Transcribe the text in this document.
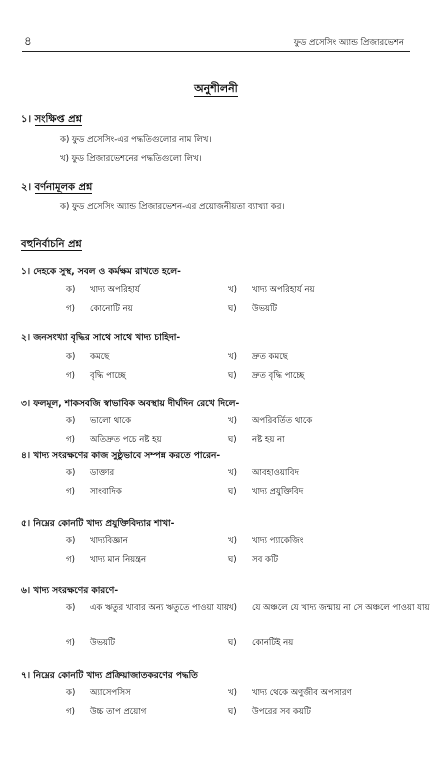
৪	ফুড প্রসেসিং অ্যান্ড প্রিজারভেশন
অনুশীলনী
১। সংক্ষিপ্ত প্রশ্ন
ক) ফুড প্রসেসিং-এর পদ্ধতিগুলোর নাম লিখ।
খ) ফুড প্রিজারভেশনের পদ্ধতিগুলো লিখ।
২। বর্ণনামূলক প্রশ্ন
ক) ফুড প্রসেসিং অ্যান্ড প্রিজারভেশন-এর প্রয়োজনীয়তা ব্যাখ্যা কর।
বহুনির্বাচনি প্রশ্ন
১। দেহকে সুস্থ, সবল ও কর্মক্ষম রাখতে হলে-
ক) খাদ্য অপরিহার্য	খ) খাদ্য অপরিহার্য নয়
গ) কোনোটি নয়	ঘ) উভয়টি
২। জনসংখ্যা বৃদ্ধির সাথে সাথে খাদ্য চাহিদা-
ক) কমছে	খ) দ্রুত কমছে
গ) বৃদ্ধি পাচ্ছে	ঘ) দ্রুত বৃদ্ধি পাচ্ছে
৩। ফলমূল, শাকসবজি স্বাভাবিক অবস্থায় দীর্ঘদিন রেখে দিলে-
ক) ভালো থাকে	খ) অপরিবর্তিত থাকে
গ) অতিদ্রুত পচে নষ্ট হয়	ঘ) নষ্ট হয় না
৪। খাদ্য সংরক্ষণের কাজ সুষ্ঠুভাবে সম্পন্ন করতে পারেন-
ক) ডাক্তার	খ) আবহাওয়াবিদ
গ) সাংবাদিক	ঘ) খাদ্য প্রযুক্তিবিদ
৫। নিম্নের কোনটি খাদ্য প্রযুক্তিবিদ্যার শাখা-
ক) খাদ্যবিজ্ঞান	খ) খাদ্য প্যাকেজিং
গ) খাদ্য মান নিয়ন্ত্রন	ঘ) সব কটি
৬। খাদ্য সংরক্ষণের কারণে-
ক) এক ঋতুর খাবার অন্য ঋতুতে পাওয়া যায়
খ) যে অঞ্চলে যে খাদ্য জন্মায় না সে অঞ্চলে পাওয়া যায়
গ) উভয়টি	ঘ) কোনটিই নয়
৭। নিম্নের কোনটি খাদ্য প্রক্রিয়াজাতকরণের পদ্ধতি
ক) অ্যাসেপসিস	খ) খাদ্য থেকে অণুজীব অপসারণ
গ) উচ্চ তাপ প্রয়োগ	ঘ) উপরের সব কয়টি
